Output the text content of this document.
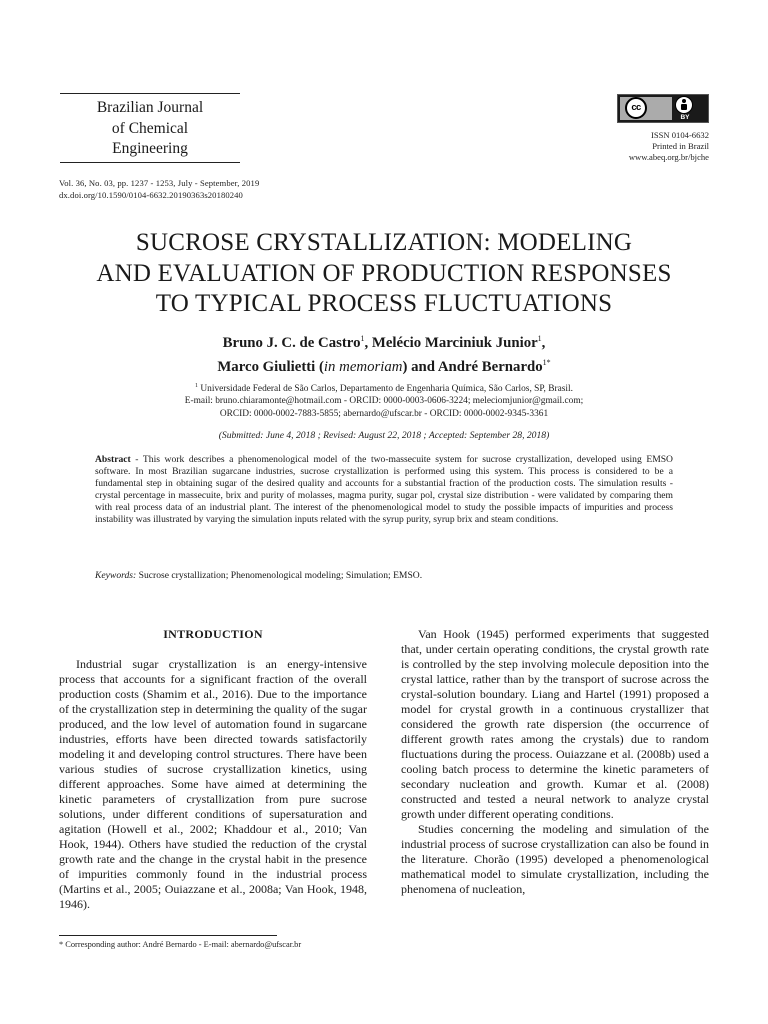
Brazilian Journal
of Chemical
Engineering
Vol. 36, No. 03, pp. 1237 - 1253, July - September, 2019
dx.doi.org/10.1590/0104-6632.20190363s20180240
cc
BY
ISSN 0104-6632
Printed in Brazil
www.abeq.org.br/bjche
SUCROSE CRYSTALLIZATION: MODELING
AND EVALUATION OF PRODUCTION RESPONSES
TO TYPICAL PROCESS FLUCTUATIONS
Bruno J. C. de Castro$^1$, Melécio Marciniuk Junior$^1$,
Marco Giulietti (in memoriam) and André Bernardo$^{1*}$
$^1$ Universidade Federal de São Carlos, Departamento de Engenharia Química, São Carlos, SP, Brasil.
E-mail: bruno.chiaramonte@hotmail.com - ORCID: 0000-0003-0606-3224; meleciomjunior@gmail.com;
ORCID: 0000-0002-7883-5855; abernardo@ufscar.br - ORCID: 0000-0002-9345-3361
(Submitted: June 4, 2018 ; Revised: August 22, 2018 ; Accepted: September 28, 2018)
Abstract - This work describes a phenomenological model of the two-massecuite system for sucrose crystallization, developed using EMSO software. In most Brazilian sugarcane industries, sucrose crystallization is performed using this system. This process is considered to be a fundamental step in obtaining sugar of the desired quality and accounts for a substantial fraction of the production costs. The simulation results - crystal percentage in massecuite, brix and purity of molasses, magma purity, sugar pol, crystal size distribution - were validated by comparing them with real process data of an industrial plant. The interest of the phenomenological model to study the possible impacts of impurities and process instability was illustrated by varying the simulation inputs related with the syrup purity, syrup brix and steam conditions.
Keywords: Sucrose crystallization; Phenomenological modeling; Simulation; EMSO.
INTRODUCTION

Industrial sugar crystallization is an energy-intensive process that accounts for a significant fraction of the overall production costs (Shamim et al., 2016). Due to the importance of the crystallization step in determining the quality of the sugar produced, and the low level of automation found in sugarcane industries, efforts have been directed towards satisfactorily modeling it and developing control structures. There have been various studies of sucrose crystallization kinetics, using different approaches. Some have aimed at determining the kinetic parameters of crystallization from pure sucrose solutions, under different conditions of supersaturation and agitation (Howell et al., 2002; Khaddour et al., 2010; Van Hook, 1944). Others have studied the reduction of the crystal growth rate and the change in the crystal habit in the presence of impurities commonly found in the industrial process (Martins et al., 2005; Ouiazzane et al., 2008a; Van Hook, 1948, 1946).

Van Hook (1945) performed experiments that suggested that, under certain operating conditions, the crystal growth rate is controlled by the step involving molecule deposition into the crystal lattice, rather than by the transport of sucrose across the crystal-solution boundary. Liang and Hartel (1991) proposed a model for crystal growth in a continuous crystallizer that considered the growth rate dispersion (the occurrence of different growth rates among the crystals) due to random fluctuations during the process. Ouiazzane et al. (2008b) used a cooling batch process to determine the kinetic parameters of secondary nucleation and growth. Kumar et al. (2008) constructed and tested a neural network to analyze crystal growth under different operating conditions.

Studies concerning the modeling and simulation of the industrial process of sucrose crystallization can also be found in the literature. Chorão (1995) developed a phenomenological mathematical model to simulate crystallization, including the phenomena of nucleation,

* Corresponding author: André Bernardo - E-mail: abernardo@ufscar.br
